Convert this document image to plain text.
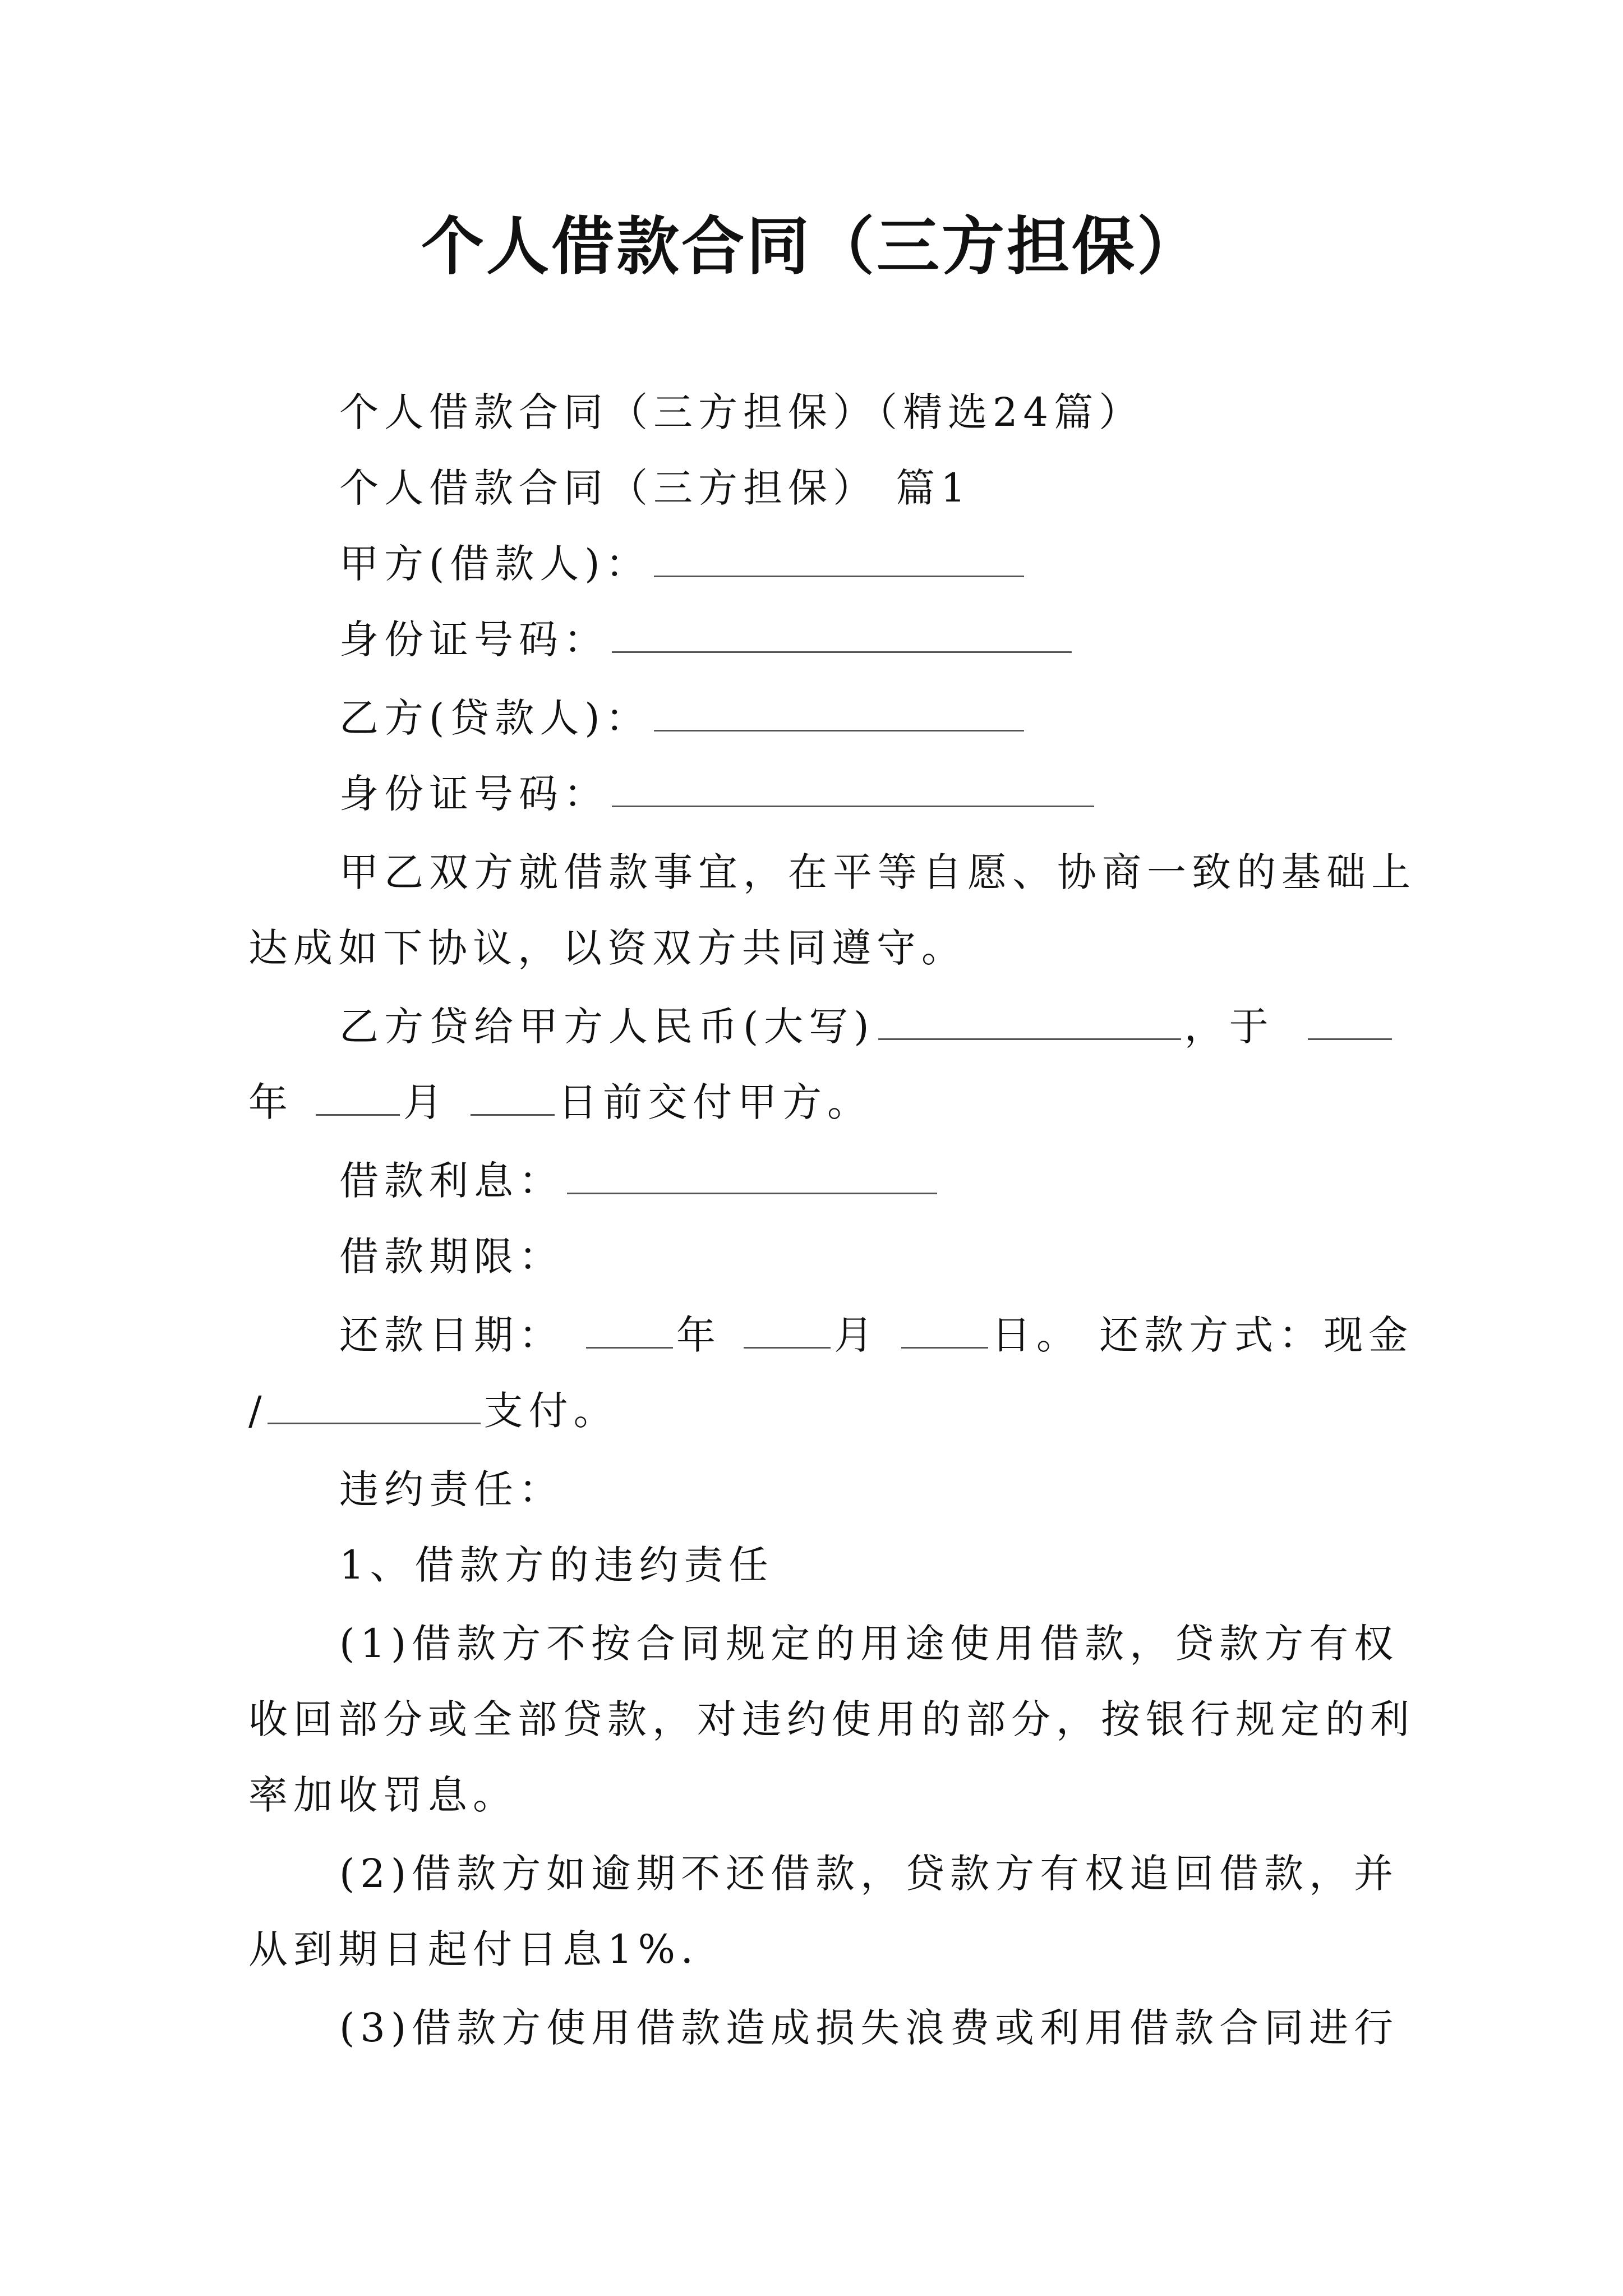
个人借款合同（三方担保）
个人借款合同（三方担保）（精选24篇）
个人借款合同（三方担保） 篇1
甲方(借款人)：
身份证号码：
乙方(贷款人)：
身份证号码：
甲乙双方就借款事宜，在平等自愿、协商一致的基础上
达成如下协议，以资双方共同遵守。
乙方贷给甲方人民币(大写)	，于
年	月	日前交付甲方。
借款利息：
借款期限：
还款日期：	年	月	日。 还款方式：现金
/	支付。
违约责任：
1、借款方的违约责任
(1)借款方不按合同规定的用途使用借款，贷款方有权
收回部分或全部贷款，对违约使用的部分，按银行规定的利
率加收罚息。
(2)借款方如逾期不还借款，贷款方有权追回借款，并
从到期日起付日息1%．
(3)借款方使用借款造成损失浪费或利用借款合同进行
